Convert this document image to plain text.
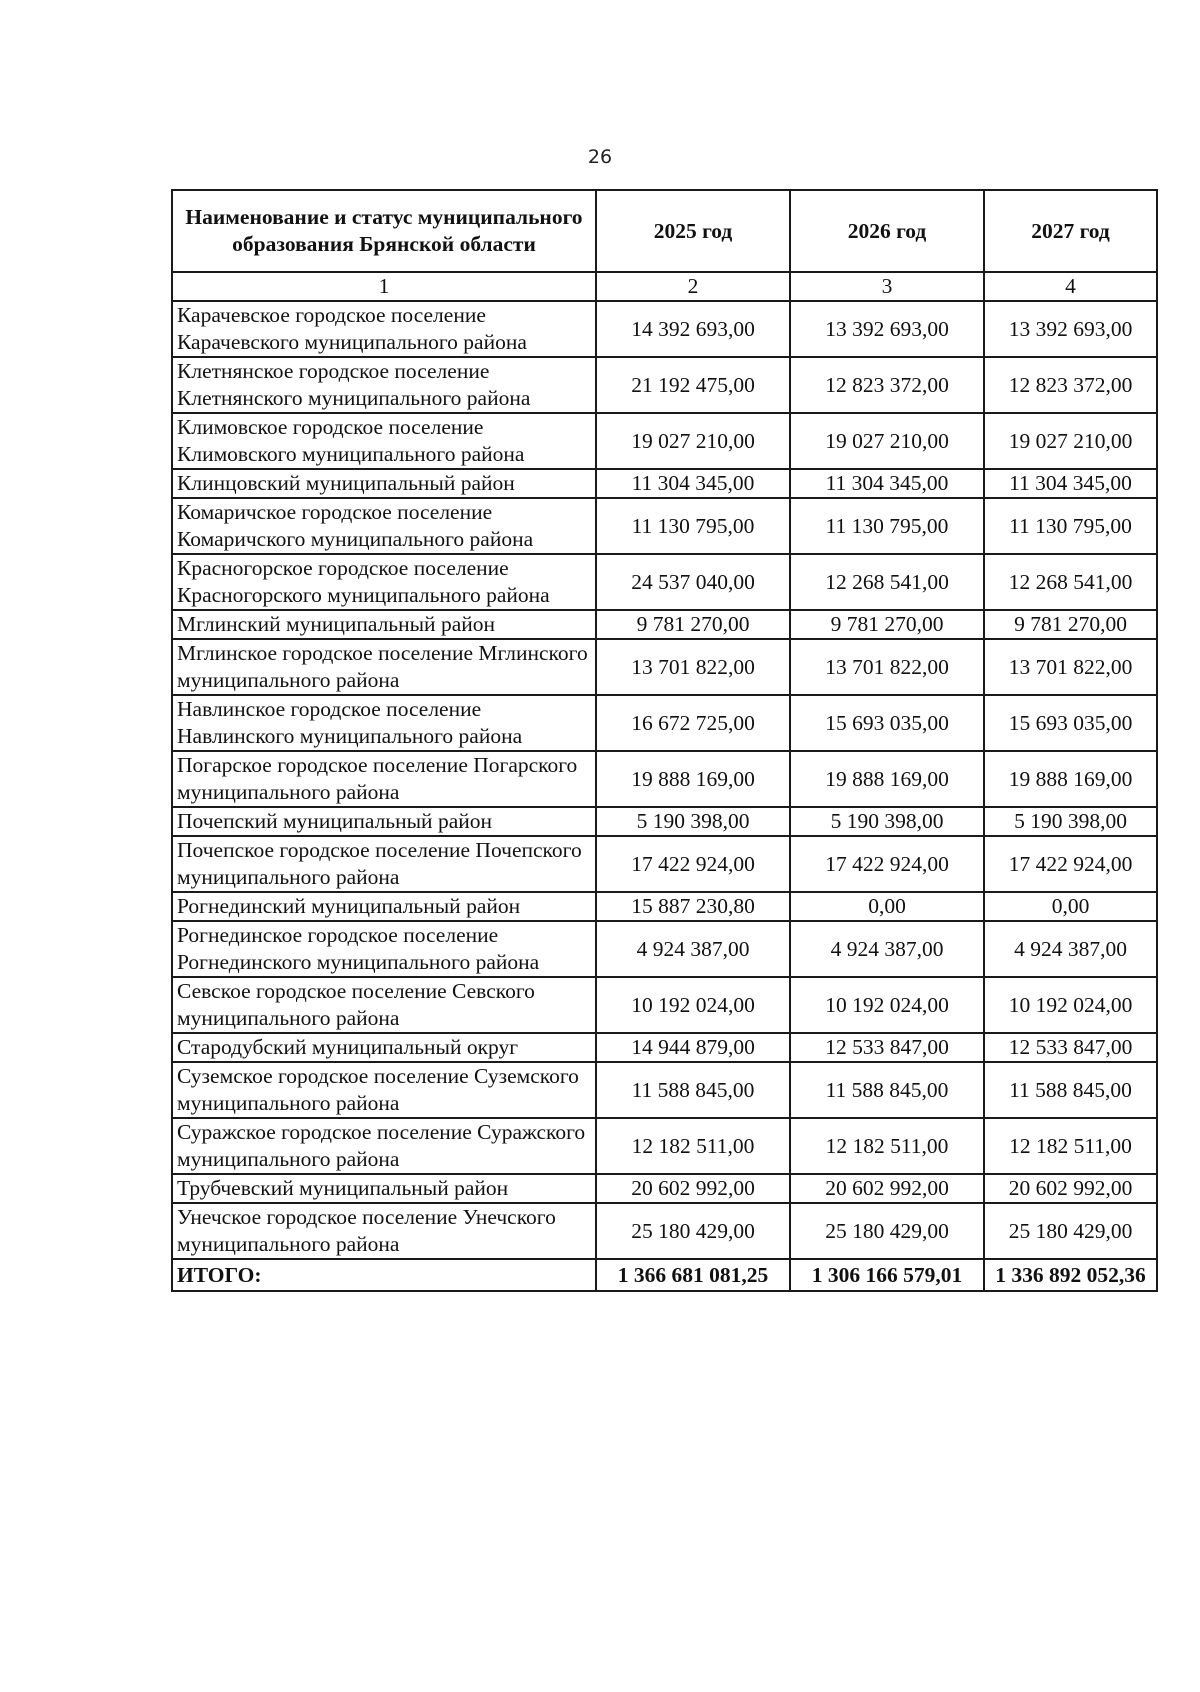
26
Наименование и статус муниципального образования Брянской области	2025 год	2026 год	2027 год
1	2	3	4
Карачевское городское поселение Карачевского муниципального района	14 392 693,00	13 392 693,00	13 392 693,00
Клетнянское городское поселение Клетнянского муниципального района	21 192 475,00	12 823 372,00	12 823 372,00
Климовское городское поселение Климовского муниципального района	19 027 210,00	19 027 210,00	19 027 210,00
Клинцовский муниципальный район	11 304 345,00	11 304 345,00	11 304 345,00
Комаричское городское поселение Комаричского муниципального района	11 130 795,00	11 130 795,00	11 130 795,00
Красногорское городское поселение Красногорского муниципального района	24 537 040,00	12 268 541,00	12 268 541,00
Мглинский муниципальный район	9 781 270,00	9 781 270,00	9 781 270,00
Мглинское городское поселение Мглинского муниципального района	13 701 822,00	13 701 822,00	13 701 822,00
Навлинское городское поселение Навлинского муниципального района	16 672 725,00	15 693 035,00	15 693 035,00
Погарское городское поселение Погарского муниципального района	19 888 169,00	19 888 169,00	19 888 169,00
Почепский муниципальный район	5 190 398,00	5 190 398,00	5 190 398,00
Почепское городское поселение Почепского муниципального района	17 422 924,00	17 422 924,00	17 422 924,00
Рогнединский муниципальный район	15 887 230,80	0,00	0,00
Рогнединское городское поселение Рогнединского муниципального района	4 924 387,00	4 924 387,00	4 924 387,00
Севское городское поселение Севского муниципального района	10 192 024,00	10 192 024,00	10 192 024,00
Стародубский муниципальный округ	14 944 879,00	12 533 847,00	12 533 847,00
Суземское городское поселение Суземского муниципального района	11 588 845,00	11 588 845,00	11 588 845,00
Суражское городское поселение Суражского муниципального района	12 182 511,00	12 182 511,00	12 182 511,00
Трубчевский муниципальный район	20 602 992,00	20 602 992,00	20 602 992,00
Унечское городское поселение Унечского муниципального района	25 180 429,00	25 180 429,00	25 180 429,00
ИТОГО:	1 366 681 081,25	1 306 166 579,01	1 336 892 052,36
